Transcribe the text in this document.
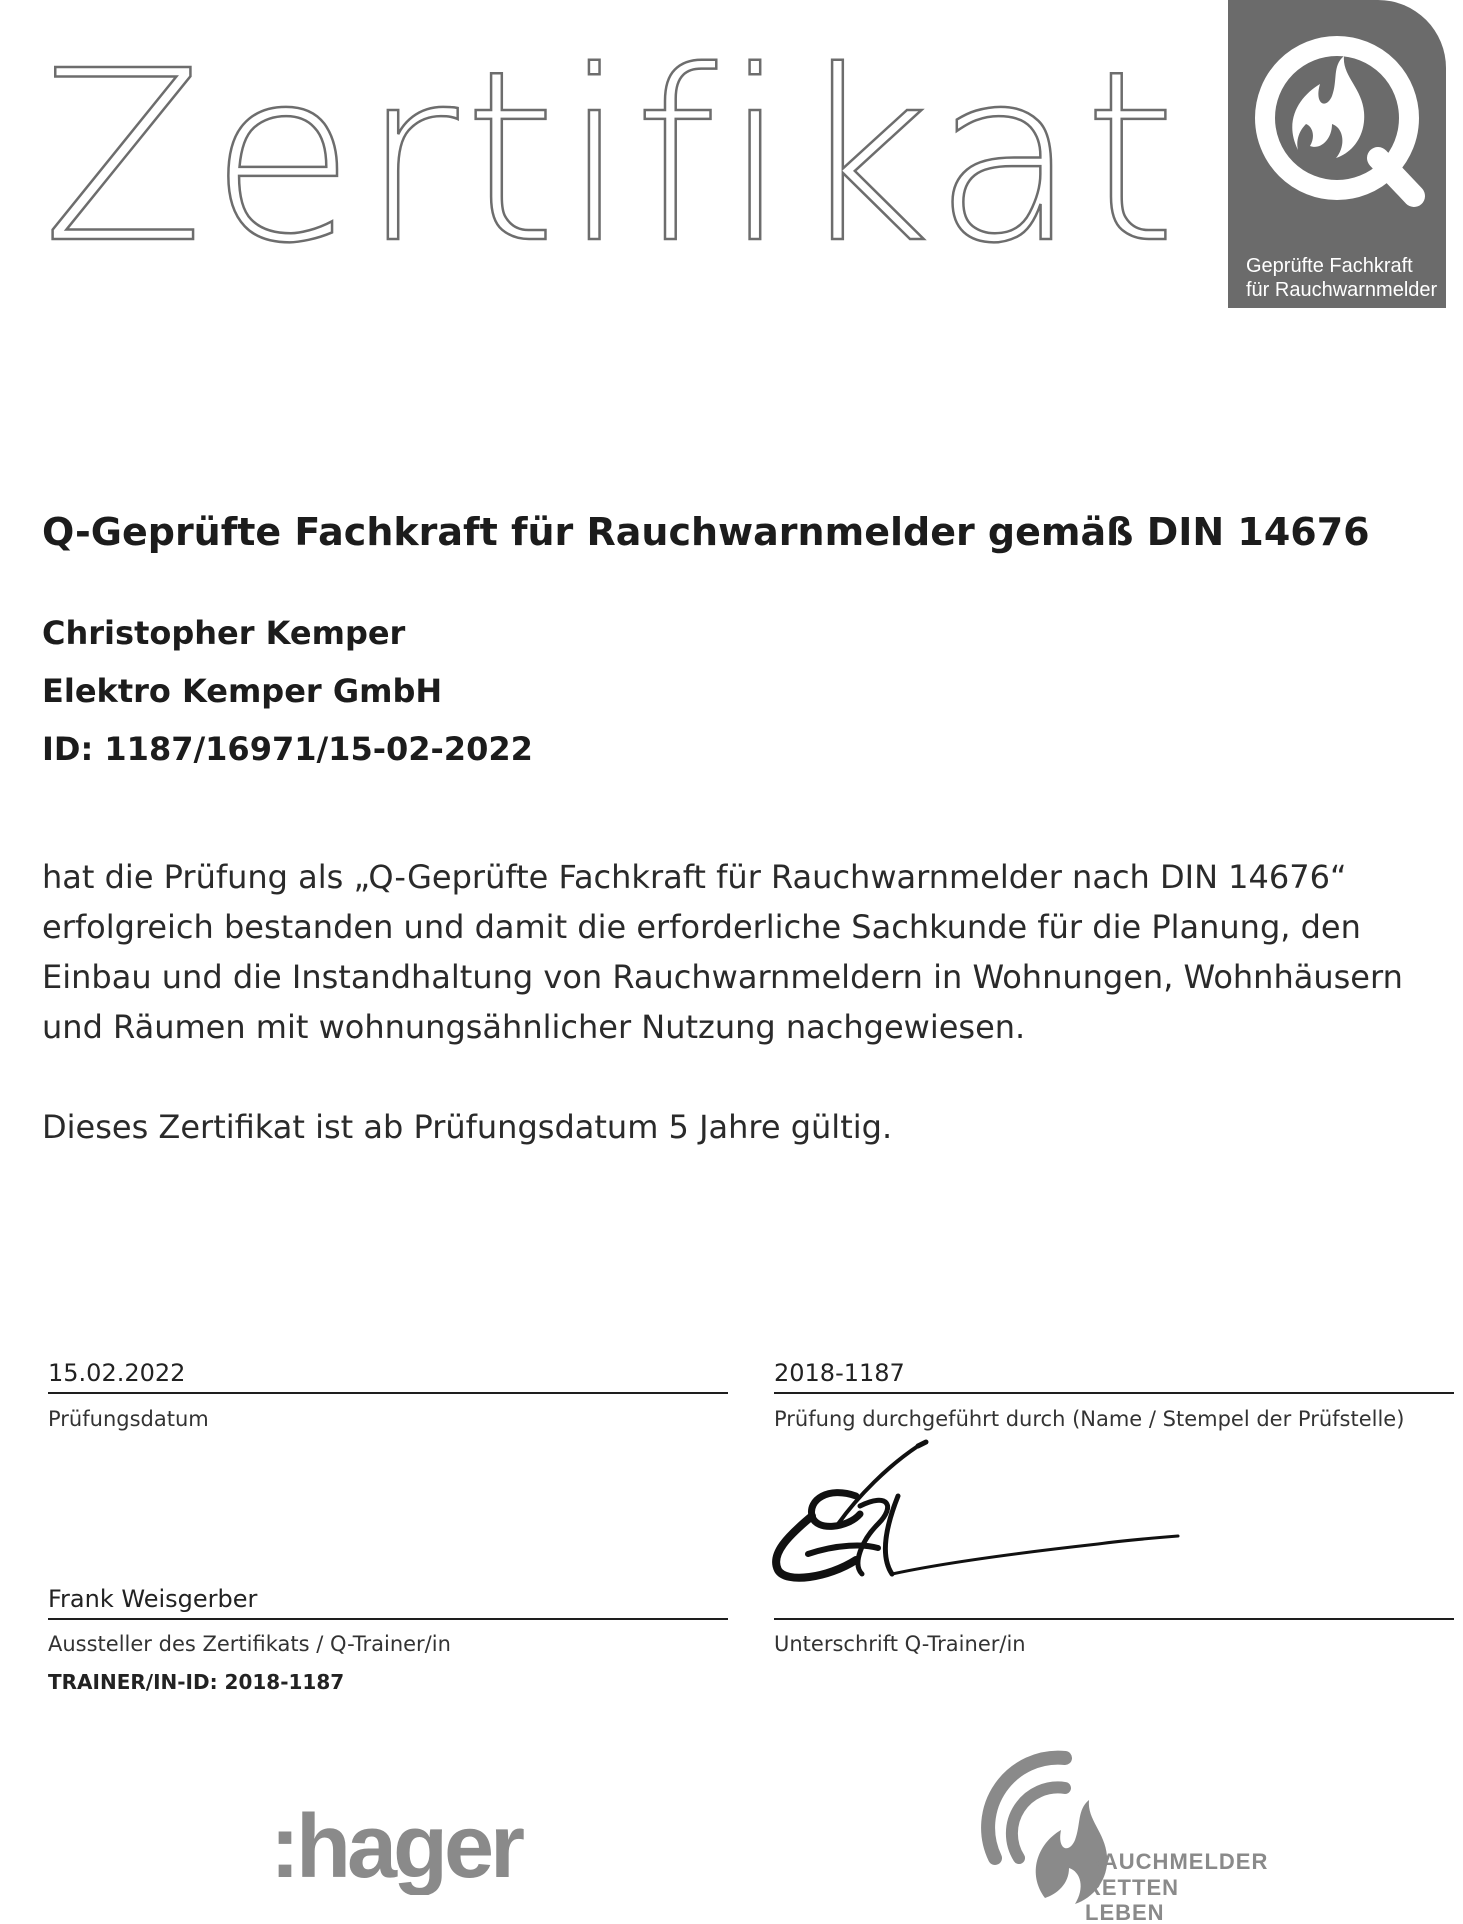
Zertifikat	Geprüfte Fachkraft
für Rauchwarnmelder
Q-Geprüfte Fachkraft für Rauchwarnmelder gemäß DIN 14676
Christopher Kemper
Elektro Kemper GmbH
ID: 1187/16971/15-02-2022
hat die Prüfung als „Q-Geprüfte Fachkraft für Rauchwarnmelder nach DIN 14676“ erfolgreich bestanden und damit die erforderliche Sachkunde für die Planung, den Einbau und die Instandhaltung von Rauchwarnmeldern in Wohnungen, Wohnhäusern und Räumen mit wohnungsähnlicher Nutzung nachgewiesen.
Dieses Zertifikat ist ab Prüfungsdatum 5 Jahre gültig.
15.02.2022
Prüfungsdatum
2018-1187
Prüfung durchgeführt durch (Name / Stempel der Prüfstelle)
Frank Weisgerber
Aussteller des Zertifikats / Q-Trainer/in	Unterschrift Q-Trainer/in
TRAINER/IN-ID: 2018-1187
:hager	RAUCHMELDER
RETTEN
LEBEN
